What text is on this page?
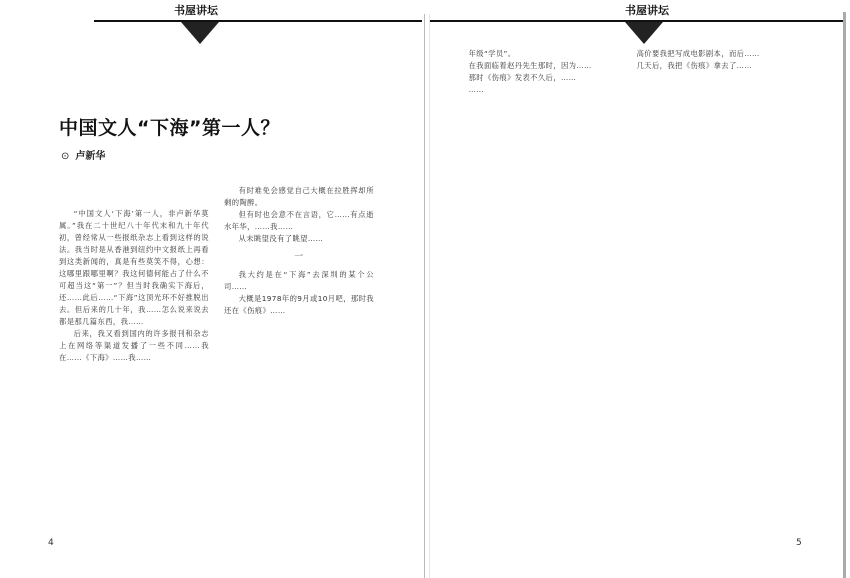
书屋讲坛	书屋讲坛
中国文人“下海”第一人？
⊙ 卢新华

“中国文人‘下海’第一人，非卢新华莫属。”我在二十世纪八十年代末和九十年代初，曾经常从一些报纸杂志上看到这样的说法。我当时是从香港到纽约中文报纸上再看到这类新闻的，真是有些莫笑不得，心想：这哪里跟哪里啊？我这何德何能占了什么不可超当这“第一”？但当时我确实下海后，还……此后……“下海”这顶光环不好推脱出去。但后来的几十年，我……怎么说来说去都是那几篇东西，我……

后来，我又看到国内的许多报刊和杂志上在网络等渠道发播了一些不同……我在……《下海》……我……

有时难免会感觉自己大概在拉胜挥却所剩的陶醉。

但有时也会意不在言语，它……有点逝水年华，……我……

从未眺望没有了眺望……

一

我大约是在“下海”去深圳的某个公司……

大概是1978年的9月或10月吧，那时我还在《伤痕》……

年级“学员”。

在我面临着赵丹先生那时，因为……

那时《伤痕》发表不久后，……

……

高价要我把写成电影剧本，而后……

几天后，我把《伤痕》拿去了……

4	5
